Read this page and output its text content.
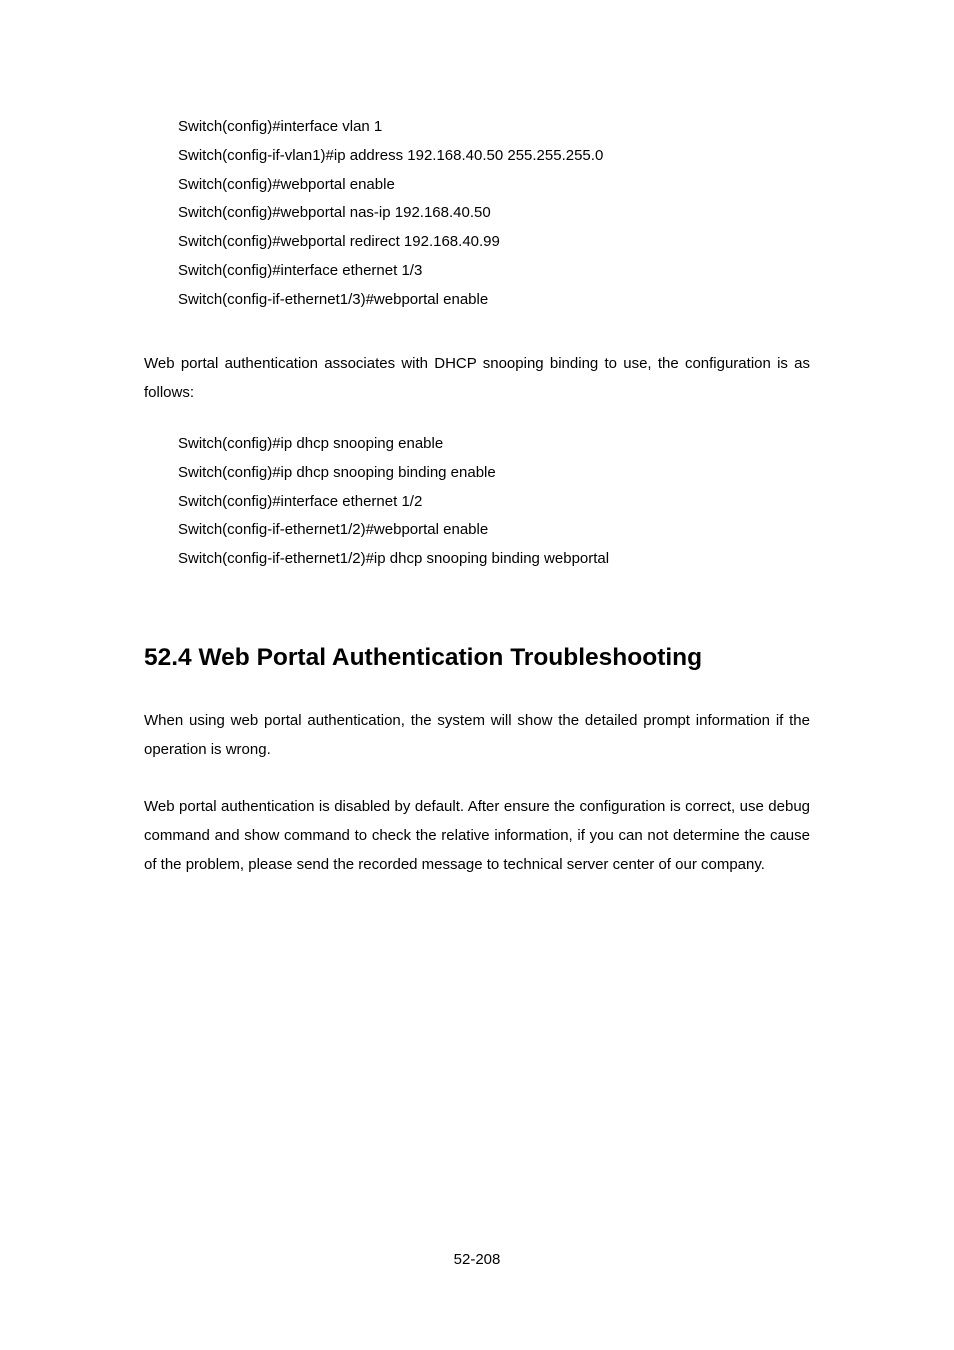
Switch(config)#interface vlan 1
Switch(config-if-vlan1)#ip address 192.168.40.50 255.255.255.0
Switch(config)#webportal enable
Switch(config)#webportal nas-ip 192.168.40.50
Switch(config)#webportal redirect 192.168.40.99
Switch(config)#interface ethernet 1/3
Switch(config-if-ethernet1/3)#webportal enable

Web portal authentication associates with DHCP snooping binding to use, the configuration is as follows:

Switch(config)#ip dhcp snooping enable
Switch(config)#ip dhcp snooping binding enable
Switch(config)#interface ethernet 1/2
Switch(config-if-ethernet1/2)#webportal enable
Switch(config-if-ethernet1/2)#ip dhcp snooping binding webportal
52.4 Web Portal Authentication Troubleshooting

When using web portal authentication, the system will show the detailed prompt information if the operation is wrong.

Web portal authentication is disabled by default. After ensure the configuration is correct, use debug command and show command to check the relative information, if you can not determine the cause of the problem, please send the recorded message to technical server center of our company.

52-208
